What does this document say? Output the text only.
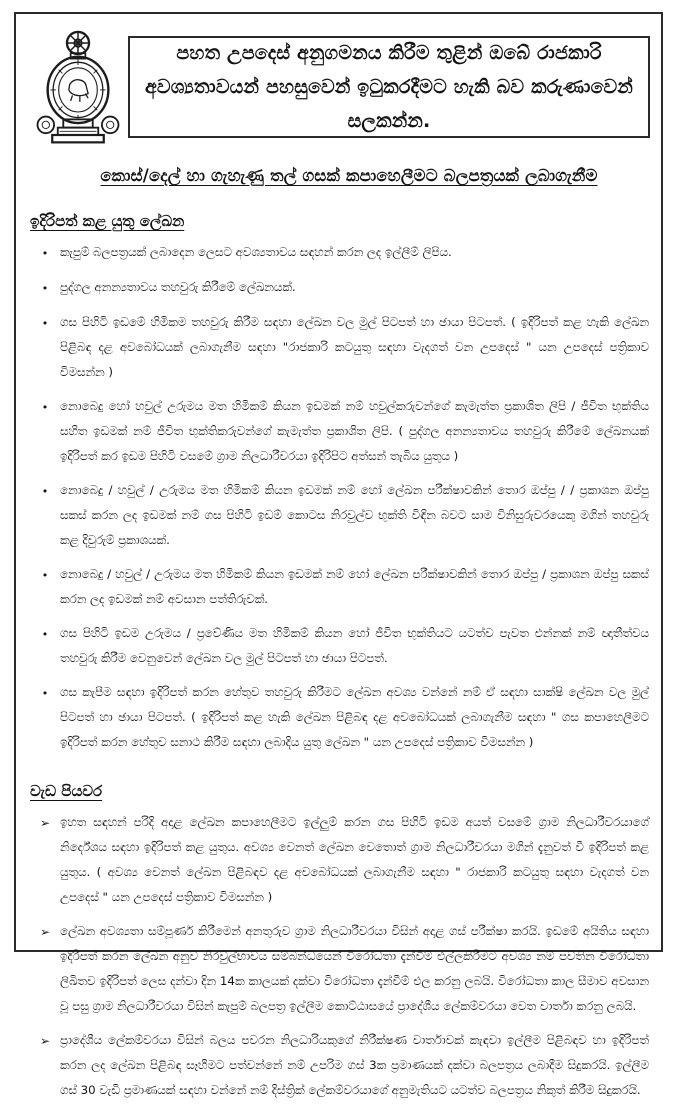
පහත උපදෙස් අනුගමනය කිරීම තුළින් ඔබේ රාජකාරි අවශ්‍යතාවයන් පහසුවෙන් ඉටුකරදීමට හැකි බව කරුණාවෙන් සලකන්න.
කොස්/දෙල් හා ගැහැණු තල් ගසක් කපාහෙලීමට බලපත්‍රයක් ලබාගැනීම
ඉදිරිපත් කළ යුතු ලේඛන
• කැපුම් බලපත්‍රයක් ලබාදෙන ලෙසට අවශ්‍යතාවය සඳහන් කරන ලද ඉල්ලීම් ලිපිය.
• පුද්ගල අනන්‍යතාවය තහවුරු කිරීමේ ලේඛනයක්.
• ගස පිහිටි ඉඩමේ හිමිකම තහවුරු කිරීම සඳහා ලේඛන වල මුල් පිටපත් හා ඡායා පිටපත්. ( ඉදිරිපත් කළ හැකි ලේඛන පිළිබඳ දළ අවබෝධයක් ලබාගැනීම සඳහා "රාජකාරි කටයුතු සඳහා වැදගත් වන උපදෙස් " යන උපදෙස් පත්‍රිකාව විමසන්න )
• නොබෙදු හෝ හවුල් උරුමය මත හිමිකම් කියන ඉඩමක් නම් හවුල්කරුවන්ගේ කැමැත්ත ප්‍රකාශිත ලිපි / ජීවිත භුක්තිය සහිත ඉඩමක් නම් ජීවිත භුක්තිකරුවන්ගේ කැමැත්ත ප්‍රකාශිත ලිපි. ( පුද්ගල අනන්‍යතාවය තහවුරු කිරීමේ ලේඛනයක් ඉදිරිපත් කර ඉඩම පිහිටි වසමේ ග්‍රාම නිලධාරීවරයා ඉදිරිපිට අත්සන් තැබිය යුතුය )
• නොබෙදු / හවුල් / උරුමය මත හිමිකම් කියන ඉඩමක් නම් හෝ ලේඛන පරීක්ෂාවකින් තොර ඔප්පු / / ප්‍රකාශන ඔප්පු සකස් කරන ලද ඉඩමක් නම් ගස පිහිටි ඉඩම් කොටස නිරවුල්ව භුක්ති විඳින බවට සාම විනිසුරුවරයෙකු මගින් තහවුරු කළ දිවුරුම් ප්‍රකාශයක්.
• නොබෙදු / හවුල් / උරුමය මත හිමිකම් කියන ඉඩමක් නම් හෝ ලේඛන පරීක්ෂාවකින් තොර ඔප්පු / ප්‍රකාශන ඔප්පු සකස් කරන ලද ඉඩමක් නම් අවසාන පත්තිරුවක්.
• ගස පිහිටි ඉඩම උරුමය / ප්‍රවේණිය මත හිමිකම් කියන හෝ ජීවිත භුක්තියට යටත්ව පැවත එන්නක් නම් ඥාතීත්වය තහවුරු කිරීම වෙනුවෙන් ලේඛන වල මුල් පිටපත් හා ඡායා පිටපත්.
• ගස කැපීම සඳහා ඉදිරිපත් කරන හේතුව තහවුරු කිරීමට ලේඛන අවශ්‍ය වන්නේ නම් ඒ සඳහා සාක්ෂි ලේඛන වල මුල් පිටපත් හා ඡායා පිටපත්. ( ඉදිරිපත් කළ හැකි ලේඛන පිළිබඳ දළ අවබෝධයක් ලබාගැනීම සඳහා " ගස කපාහෙලීමට ඉදිරිපත් කරන හේතුව සනාථ කිරීම සඳහා ලබාදිය යුතු ලේඛන " යන උපදෙස් පත්‍රිකාව විමසන්න )
වැඩ පියවර
➢ ඉහත සඳහන් පරිදි අදාළ ලේඛන කපාහෙලීමට ඉල්ලුම් කරන ගස පිහිටි ඉඩම අයත් වසමේ ග්‍රාම නිලධාරීවරයාගේ නිර්දේශය සඳහා ඉදිරිපත් කළ යුතුය. අවශ්‍ය වෙනත් ලේඛන වෙතොත් ග්‍රාම නිලධාරීවරයා මගින් දැනුවත් වී ඉදිරිපත් කළ යුතුය. ( අවශ්‍ය වෙනත් ලේඛන පිළිබඳව දළ අවබෝධයක් ලබාගැනීම සඳහා " රාජකාරි කටයුතු සඳහා වැදගත් වන උපදෙස් " යන උපදෙස් පත්‍රිකාව විමසන්න )
➢ ලේඛන අවශ්‍යතා සම්පූර්ණ කිරීමෙන් අනතුරුව ග්‍රාම නිලධාරීවරයා විසින් අදාළ ගස් පරීක්ෂා කරයි. ඉඩමේ අයිතිය සඳහා ඉදිරිපත් කරන ලේඛන අනුව නිරවුල්භාවය සම්බන්ධයෙන් විරෝධතා දැන්වීම් එල්ලකිරීමට අවශ්‍ය නම් පවතින විරෝධතා ලිඛිතව ඉදිරිපත් ලෙස දන්වා දින 14ක කාලයක් දක්වා විරෝධතා දැන්වීම් එල කරනු ලබයි. විරෝධතා කාල සීමාව අවසාන වූ පසු ග්‍රාම නිලධාරීවරයා විසින් කැපුම් බලපත්‍ර ඉල්ලීම කොට්ඨාසයේ ප්‍රාදේශීය ලේකම්වරයා වෙත වාර්තා කරනු ලබයි.
➢ ප්‍රාදේශීය ලේකම්වරයා විසින් බලය පවරන නිලධාරියකුගේ නිරීක්ෂණ වාර්තාවක් කැඳවා ඉල්ලීම පිළිබඳව හා ඉදිරිපත් කරන ලද ලේඛන පිළිබඳ සෑහීමට පත්වන්නේ නම් උපරිම ගස් 3ක ප්‍රමාණයක් දක්වා බලපත්‍රය ලබාදීම සිදුකරයි. ඉල්ලීම ගස් 30 වැඩි ප්‍රමාණයක් සඳහා වන්නේ නම් දිස්ත්‍රික් ලේකම්වරයාගේ අනුමැතියට යටත්ව බලපත්‍රය නිකුත් කිරීම සිදුකරයි.
